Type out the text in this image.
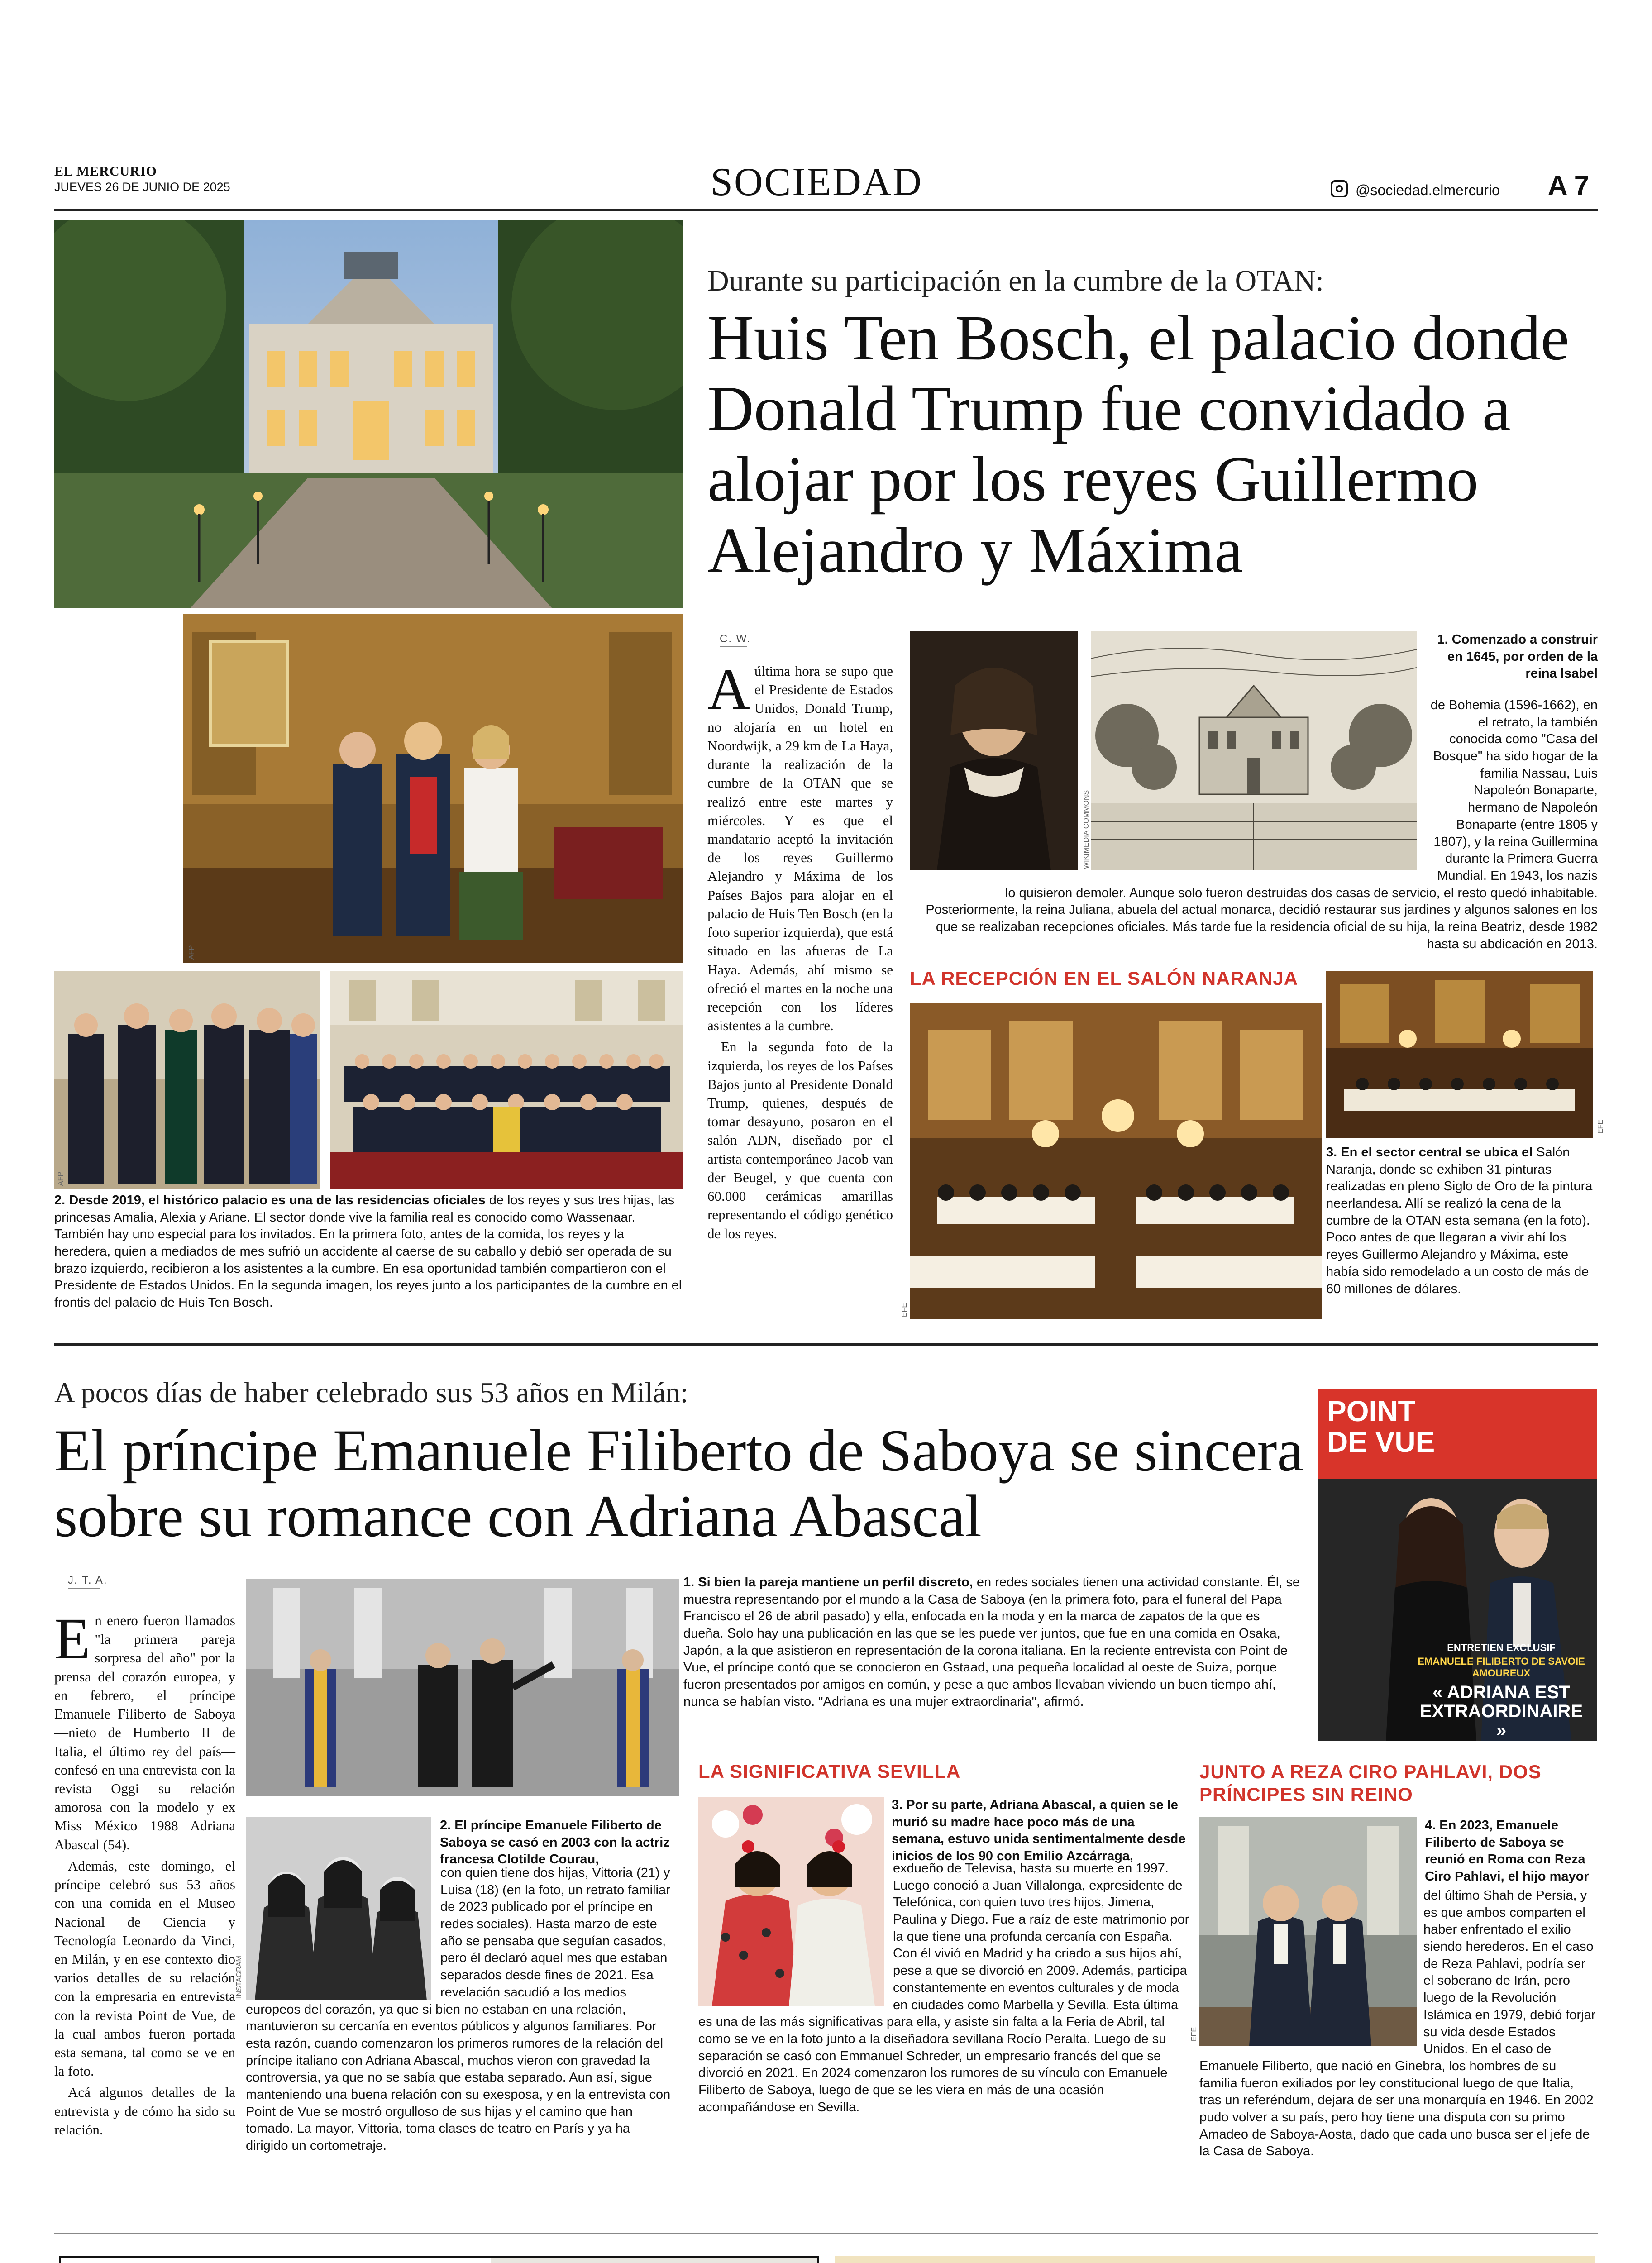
EL MERCURIO
JUEVES 26 DE JUNIO DE 2025	SOCIEDAD	@sociedad.elmercurio A 7
Durante su participación en la cumbre de la OTAN:
Huis Ten Bosch, el palacio donde Donald Trump fue convidado a alojar por los reyes Guillermo Alejandro y Máxima
AFP
AFP
2. Desde 2019, el histórico palacio es una de las residencias oficiales de los reyes y sus tres hijas, las princesas Amalia, Alexia y Ariane. El sector donde vive la familia real es conocido como Wassenaar. También hay uno especial para los invitados. En la primera foto, antes de la comida, los reyes y la heredera, quien a mediados de mes sufrió un accidente al caerse de su caballo y debió ser operada de su brazo izquierdo, recibieron a los asistentes a la cumbre. En esa oportunidad también compartieron con el Presidente de Estados Unidos. En la segunda imagen, los reyes junto a los participantes de la cumbre en el frontis del palacio de Huis Ten Bosch.
C. W.
A última hora se supo que el Presidente de Estados Unidos, Donald Trump, no alojaría en un hotel en Noordwijk, a 29 km de La Haya, durante la realización de la cumbre de la OTAN que se realizó entre este martes y miércoles. Y es que el mandatario aceptó la invitación de los reyes Guillermo Alejandro y Máxima de los Países Bajos para alojar en el palacio de Huis Ten Bosch (en la foto superior izquierda), que está situado en las afueras de La Haya. Además, ahí mismo se ofreció el martes en la noche una recepción con los líderes asistentes a la cumbre.

En la segunda foto de la izquierda, los reyes de los Países Bajos junto al Presidente Donald Trump, quienes, después de tomar desayuno, posaron en el salón ADN, diseñado por el artista contemporáneo Jacob van der Beugel, y que cuenta con 60.000 cerámicas amarillas representando el código genético de los reyes.

WIKIMEDIA COMMONS
1. Comenzado a construir en 1645, por orden de la reina Isabel
de Bohemia (1596-1662), en el retrato, la también conocida como "Casa del Bosque" ha sido hogar de la familia Nassau, Luis Napoleón Bonaparte, hermano de Napoleón Bonaparte (entre 1805 y 1807), y la reina Guillermina durante la Primera Guerra Mundial. En 1943, los nazis lo quisieron demoler. Aunque solo fueron destruidas dos casas de servicio, el resto quedó inhabitable. Posteriormente, la reina Juliana, abuela del actual monarca, decidió restaurar sus jardines y algunos salones en los que se realizaban recepciones oficiales. Más tarde fue la residencia oficial de su hija, la reina Beatriz, desde 1982 hasta su abdicación en 2013.
LA RECEPCIÓN EN EL SALÓN NARANJA
EFE
EFE
3. En el sector central se ubica el Salón Naranja, donde se exhiben 31 pinturas realizadas en pleno Siglo de Oro de la pintura neerlandesa. Allí se realizó la cena de la cumbre de la OTAN esta semana (en la foto). Poco antes de que llegaran a vivir ahí los reyes Guillermo Alejandro y Máxima, este había sido remodelado a un costo de más de 60 millones de dólares.
A pocos días de haber celebrado sus 53 años en Milán:
El príncipe Emanuele Filiberto de Saboya se sincera sobre su romance con Adriana Abascal
POINT
DE VUE
ENTRETIEN EXCLUSIF
EMANUELE FILIBERTO DE SAVOIE AMOUREUX
« ADRIANA EST EXTRAORDINAIRE »
J. T. A.
E n enero fueron llamados "la primera pareja sorpresa del año" por la prensa del corazón europea, y en febrero, el príncipe Emanuele Filiberto de Saboya —nieto de Humberto II de Italia, el último rey del país— confesó en una entrevista con la revista Oggi su relación amorosa con la modelo y ex Miss México 1988 Adriana Abascal (54).

Además, este domingo, el príncipe celebró sus 53 años con una comida en el Museo Nacional de Ciencia y Tecnología Leonardo da Vinci, en Milán, y en ese contexto dio varios detalles de su relación con la empresaria en entrevista con la revista Point de Vue, de la cual ambos fueron portada esta semana, tal como se ve en la foto.

Acá algunos detalles de la entrevista y de cómo ha sido su relación.

1. Si bien la pareja mantiene un perfil discreto, en redes sociales tienen una actividad constante. Él, se muestra representando por el mundo a la Casa de Saboya (en la primera foto, para el funeral del Papa Francisco el 26 de abril pasado) y ella, enfocada en la moda y en la marca de zapatos de la que es dueña. Solo hay una publicación en las que se les puede ver juntos, que fue en una comida en Osaka, Japón, a la que asistieron en representación de la corona italiana. En la reciente entrevista con Point de Vue, el príncipe contó que se conocieron en Gstaad, una pequeña localidad al oeste de Suiza, porque fueron presentados por amigos en común, y pese a que ambos llevaban viviendo un buen tiempo ahí, nunca se habían visto. "Adriana es una mujer extraordinaria", afirmó.
INSTAGRAM
2. El príncipe Emanuele Filiberto de Saboya se casó en 2003 con la actriz francesa Clotilde Courau,
con quien tiene dos hijas, Vittoria (21) y Luisa (18) (en la foto, un retrato familiar de 2023 publicado por el príncipe en redes sociales). Hasta marzo de este año se pensaba que seguían casados, pero él declaró aquel mes que estaban separados desde fines de 2021. Esa revelación sacudió a los medios europeos del corazón, ya que si bien no estaban en una relación, mantuvieron su cercanía en eventos públicos y algunos familiares. Por esta razón, cuando comenzaron los primeros rumores de la relación del príncipe italiano con Adriana Abascal, muchos vieron con gravedad la controversia, ya que no se sabía que estaba separado. Aun así, sigue manteniendo una buena relación con su exesposa, y en la entrevista con Point de Vue se mostró orgulloso de sus hijas y el camino que han tomado. La mayor, Vittoria, toma clases de teatro en París y ya ha dirigido un cortometraje.
LA SIGNIFICATIVA SEVILLA
3. Por su parte, Adriana Abascal, a quien se le murió su madre hace poco más de una semana, estuvo unida sentimentalmente desde inicios de los 90 con Emilio Azcárraga,
exdueño de Televisa, hasta su muerte en 1997. Luego conoció a Juan Villalonga, expresidente de Telefónica, con quien tuvo tres hijos, Jimena, Paulina y Diego. Fue a raíz de este matrimonio por la que tiene una profunda cercanía con España. Con él vivió en Madrid y ha criado a sus hijos ahí, pese a que se divorció en 2009. Además, participa constantemente en eventos culturales y de moda en ciudades como Marbella y Sevilla. Esta última es una de las más significativas para ella, y asiste sin falta a la Feria de Abril, tal como se ve en la foto junto a la diseñadora sevillana Rocío Peralta. Luego de su separación se casó con Emmanuel Schreder, un empresario francés del que se divorció en 2021. En 2024 comenzaron los rumores de su vínculo con Emanuele Filiberto de Saboya, luego de que se les viera en más de una ocasión acompañándose en Sevilla.
JUNTO A REZA CIRO PAHLAVI, DOS PRÍNCIPES SIN REINO
EFE
4. En 2023, Emanuele Filiberto de Saboya se reunió en Roma con Reza Ciro Pahlavi, el hijo mayor
del último Shah de Persia, y es que ambos comparten el haber enfrentado el exilio siendo herederos. En el caso de Reza Pahlavi, podría ser el soberano de Irán, pero luego de la Revolución Islámica en 1979, debió forjar su vida desde Estados Unidos. En el caso de Emanuele Filiberto, que nació en Ginebra, los hombres de su familia fueron exiliados por ley constitucional luego de que Italia, tras un referéndum, dejara de ser una monarquía en 1946. En 2002 pudo volver a su país, pero hoy tiene una disputa con su primo Amadeo de Saboya-Aosta, dado que cada uno busca ser el jefe de la Casa de Saboya.
